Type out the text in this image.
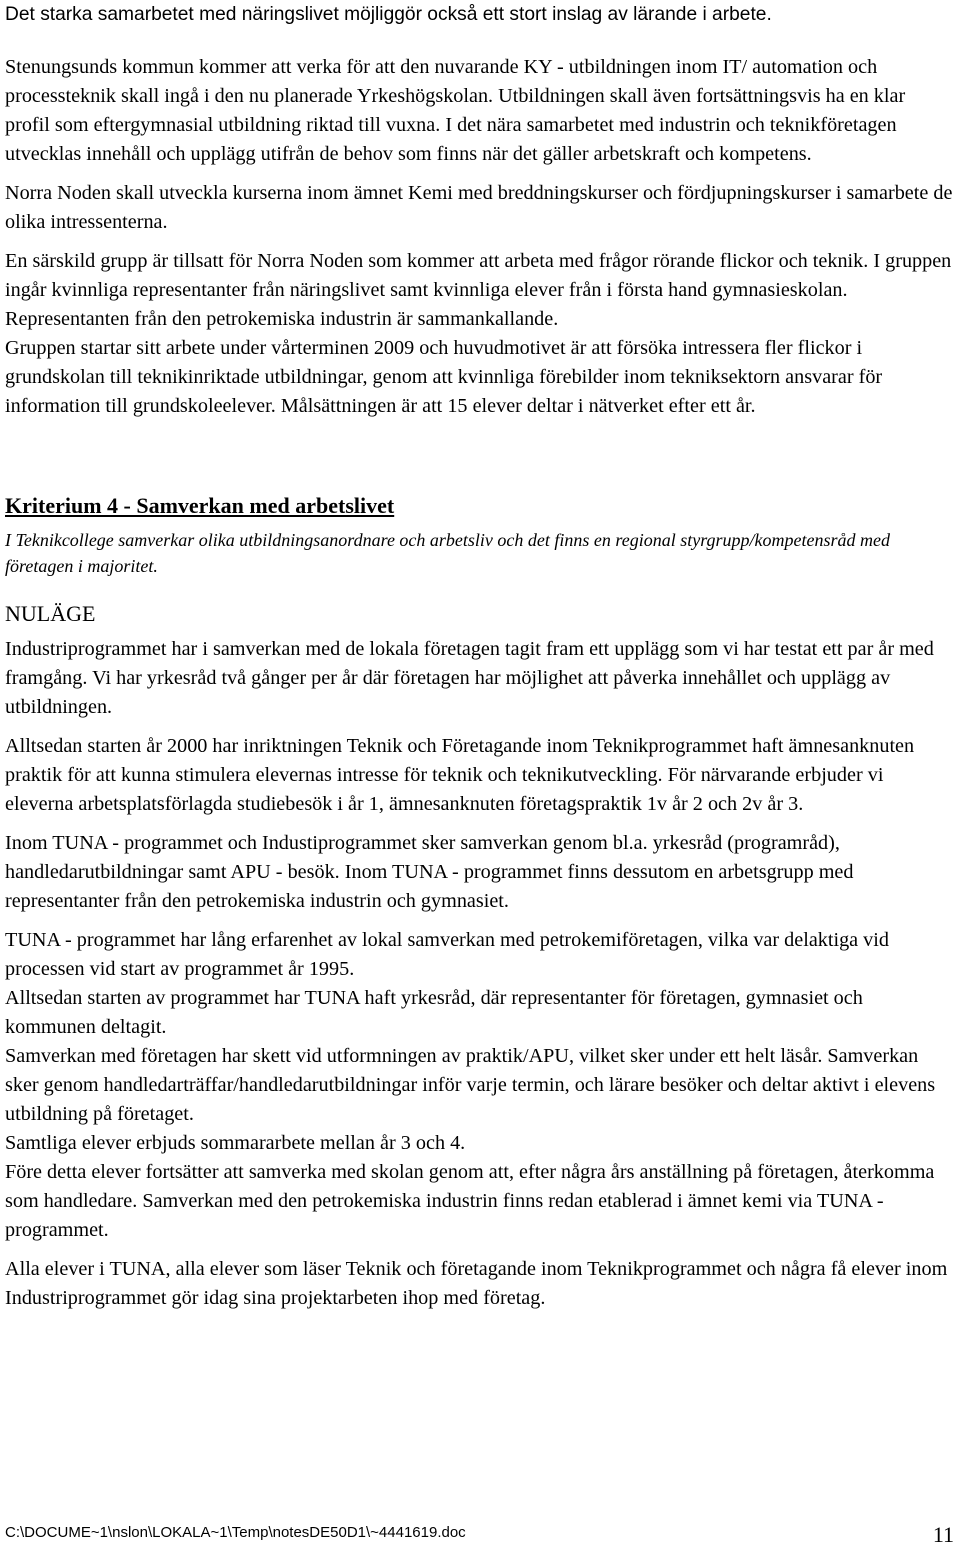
Det starka samarbetet med näringslivet möjliggör också ett stort inslag av lärande i arbete.

Stenungsunds kommun kommer att verka för att den nuvarande KY - utbildningen inom IT/ automation och processteknik skall ingå i den nu planerade Yrkeshögskolan. Utbildningen skall även fortsättningsvis ha en klar profil som eftergymnasial utbildning riktad till vuxna. I det nära samarbetet med industrin och teknikföretagen utvecklas innehåll och upplägg utifrån de behov som finns när det gäller arbetskraft och kompetens.

Norra Noden skall utveckla kurserna inom ämnet Kemi med breddningskurser och fördjupningskurser i samarbete de olika intressenterna.

En särskild grupp är tillsatt för Norra Noden som kommer att arbeta med frågor rörande flickor och teknik. I gruppen ingår kvinnliga representanter från näringslivet samt kvinnliga elever från i första hand gymnasieskolan.

Representanten från den petrokemiska industrin är sammankallande.

Gruppen startar sitt arbete under vårterminen 2009 och huvudmotivet är att försöka intressera fler flickor i grundskolan till teknikinriktade utbildningar, genom att kvinnliga förebilder inom tekniksektorn ansvarar för information till grundskoleelever. Målsättningen är att 15 elever deltar i nätverket efter ett år.

Kriterium 4 - Samverkan med arbetslivet

I Teknikcollege samverkar olika utbildningsanordnare och arbetsliv och det finns en regional styrgrupp/kompetensråd med företagen i majoritet.

NULÄGE

Industriprogrammet har i samverkan med de lokala företagen tagit fram ett upplägg som vi har testat ett par år med framgång. Vi har yrkesråd två gånger per år där företagen har möjlighet att påverka innehållet och upplägg av utbildningen.

Alltsedan starten år 2000 har inriktningen Teknik och Företagande inom Teknikprogrammet haft ämnesanknuten praktik för att kunna stimulera elevernas intresse för teknik och teknikutveckling. För närvarande erbjuder vi eleverna arbetsplatsförlagda studiebesök i år 1, ämnesanknuten företagspraktik 1v år 2 och 2v år 3.

Inom TUNA - programmet och Industiprogrammet sker samverkan genom bl.a. yrkesråd (programråd), handledarutbildningar samt APU - besök. Inom TUNA - programmet finns dessutom en arbetsgrupp med representanter från den petrokemiska industrin och gymnasiet.

TUNA - programmet har lång erfarenhet av lokal samverkan med petrokemiföretagen, vilka var delaktiga vid processen vid start av programmet år 1995.

Alltsedan starten av programmet har TUNA haft yrkesråd, där representanter för företagen, gymnasiet och kommunen deltagit.

Samverkan med företagen har skett vid utformningen av praktik/APU, vilket sker under ett helt läsår. Samverkan sker genom handledarträffar/handledarutbildningar inför varje termin, och lärare besöker och deltar aktivt i elevens utbildning på företaget.

Samtliga elever erbjuds sommararbete mellan år 3 och 4.

Före detta elever fortsätter att samverka med skolan genom att, efter några års anställning på företagen, återkomma som handledare. Samverkan med den petrokemiska industrin finns redan etablerad i ämnet kemi via TUNA - programmet.

Alla elever i TUNA, alla elever som läser Teknik och företagande inom Teknikprogrammet och några få elever inom Industriprogrammet gör idag sina projektarbeten ihop med företag.

C:\DOCUME~1\nslon\LOKALA~1\Temp\notesDE50D1\~4441619.doc	11
